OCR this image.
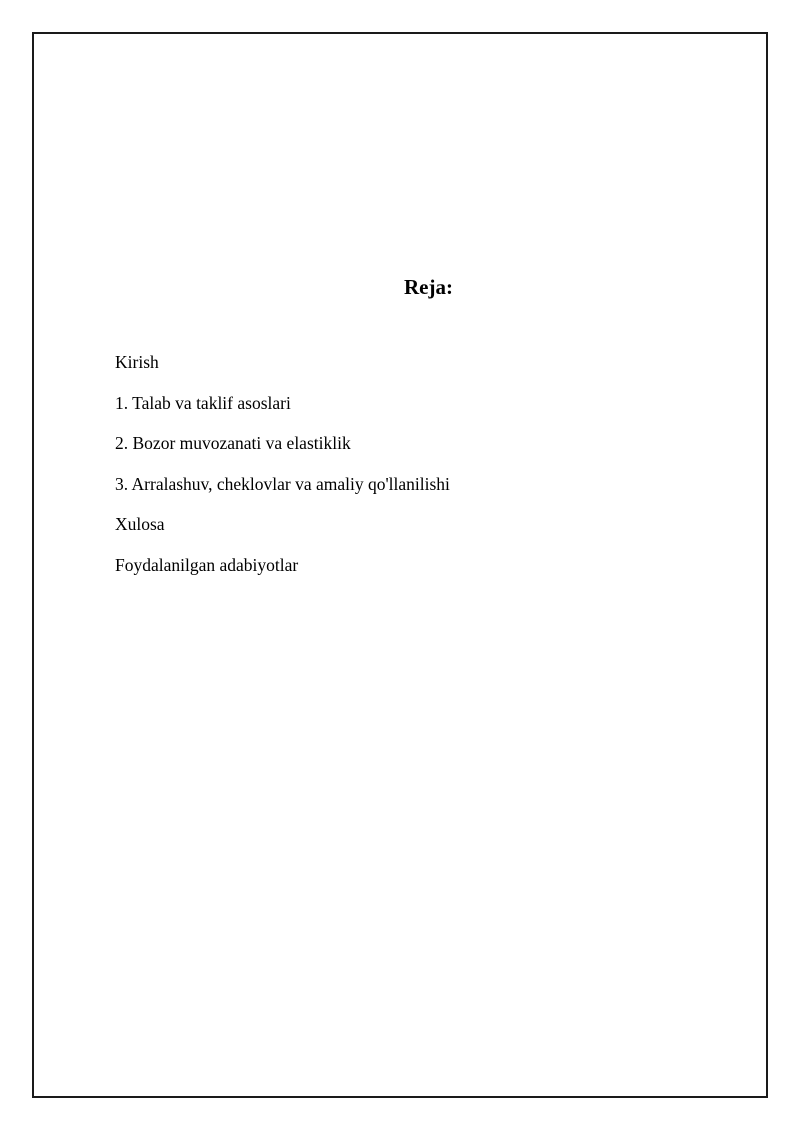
Reja:
Kirish
1. Talab va taklif asoslari
2. Bozor muvozanati va elastiklik
3. Arralashuv, cheklovlar va amaliy qo'llanilishi
Xulosa
Foydalanilgan adabiyotlar
